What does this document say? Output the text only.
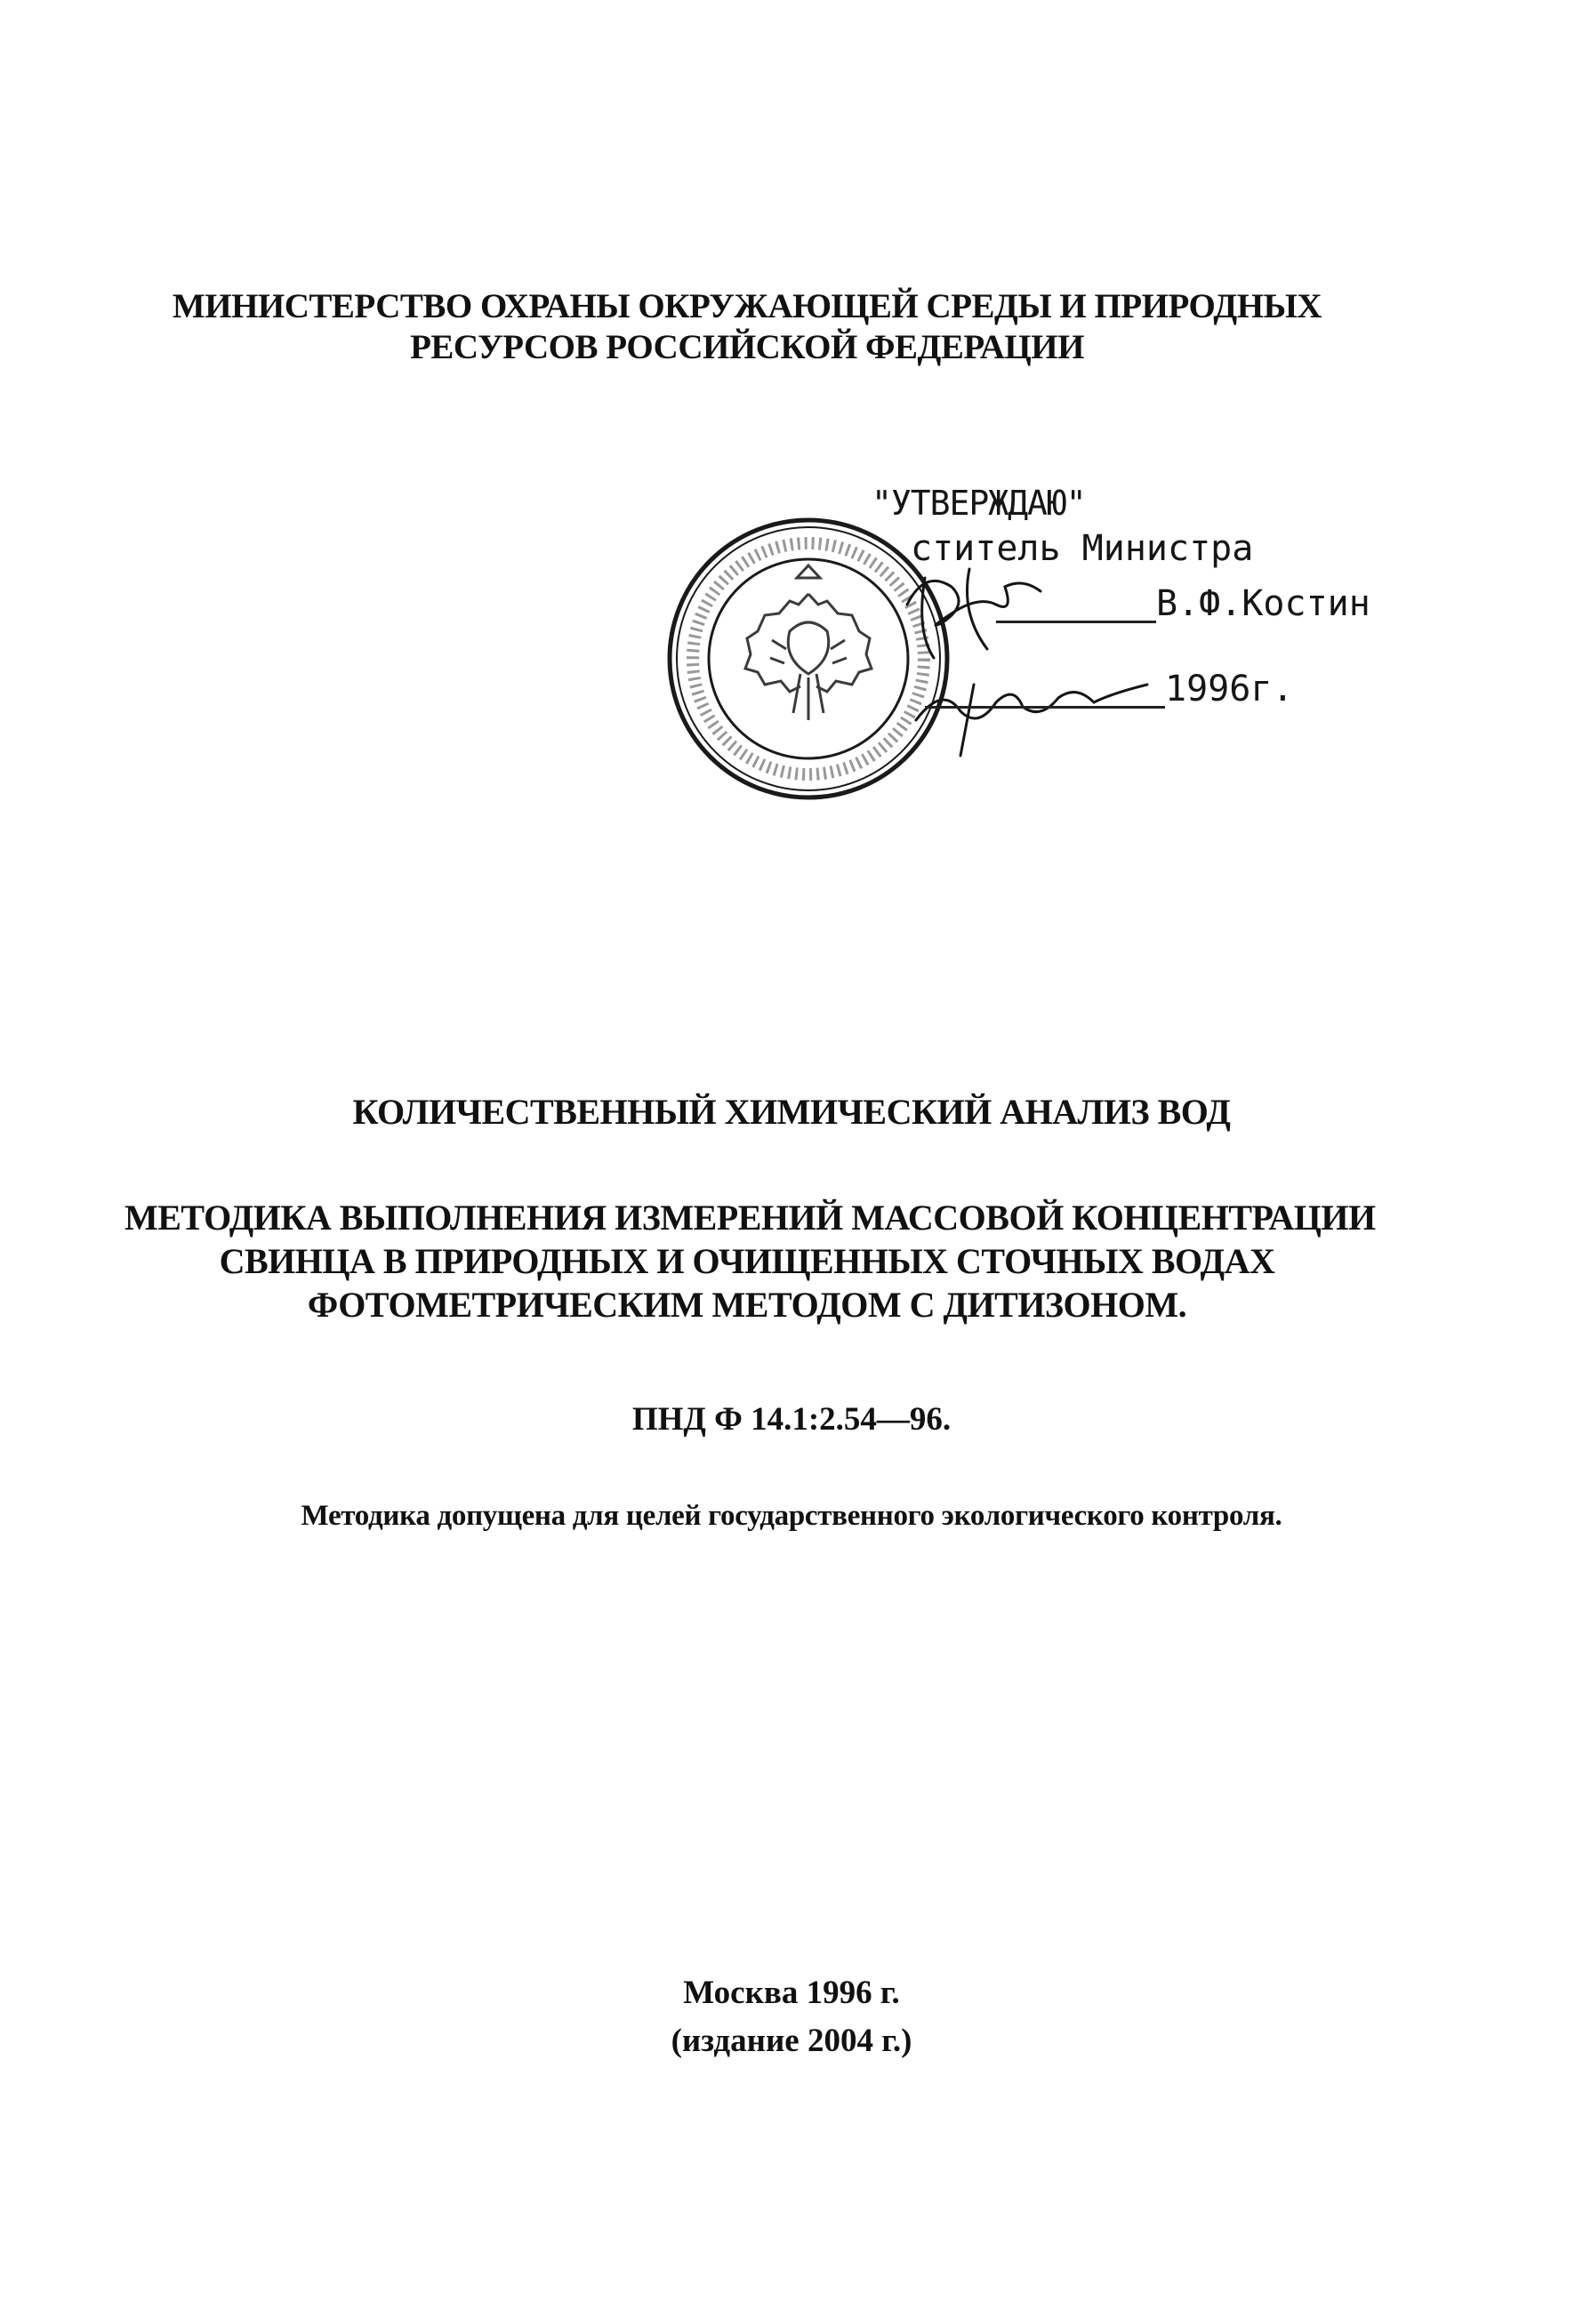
МИНИСТЕРСТВО ОХРАНЫ ОКРУЖАЮЩЕЙ СРЕДЫ И ПРИРОДНЫХ
РЕСУРСОВ РОССИЙСКОЙ ФЕДЕРАЦИИ
"УТВЕРЖДАЮ"
ститель Министра
В.Ф.Костин
1996г.
КОЛИЧЕСТВЕННЫЙ ХИМИЧЕСКИЙ АНАЛИЗ ВОД
МЕТОДИКА ВЫПОЛНЕНИЯ ИЗМЕРЕНИЙ МАССОВОЙ КОНЦЕНТРАЦИИ
СВИНЦА В ПРИРОДНЫХ И ОЧИЩЕННЫХ СТОЧНЫХ ВОДАХ
ФОТОМЕТРИЧЕСКИМ МЕТОДОМ С ДИТИЗОНОМ.
ПНД Ф 14.1:2.54—96.
Методика допущена для целей государственного экологического контроля.
Москва 1996 г.
(издание 2004 г.)
